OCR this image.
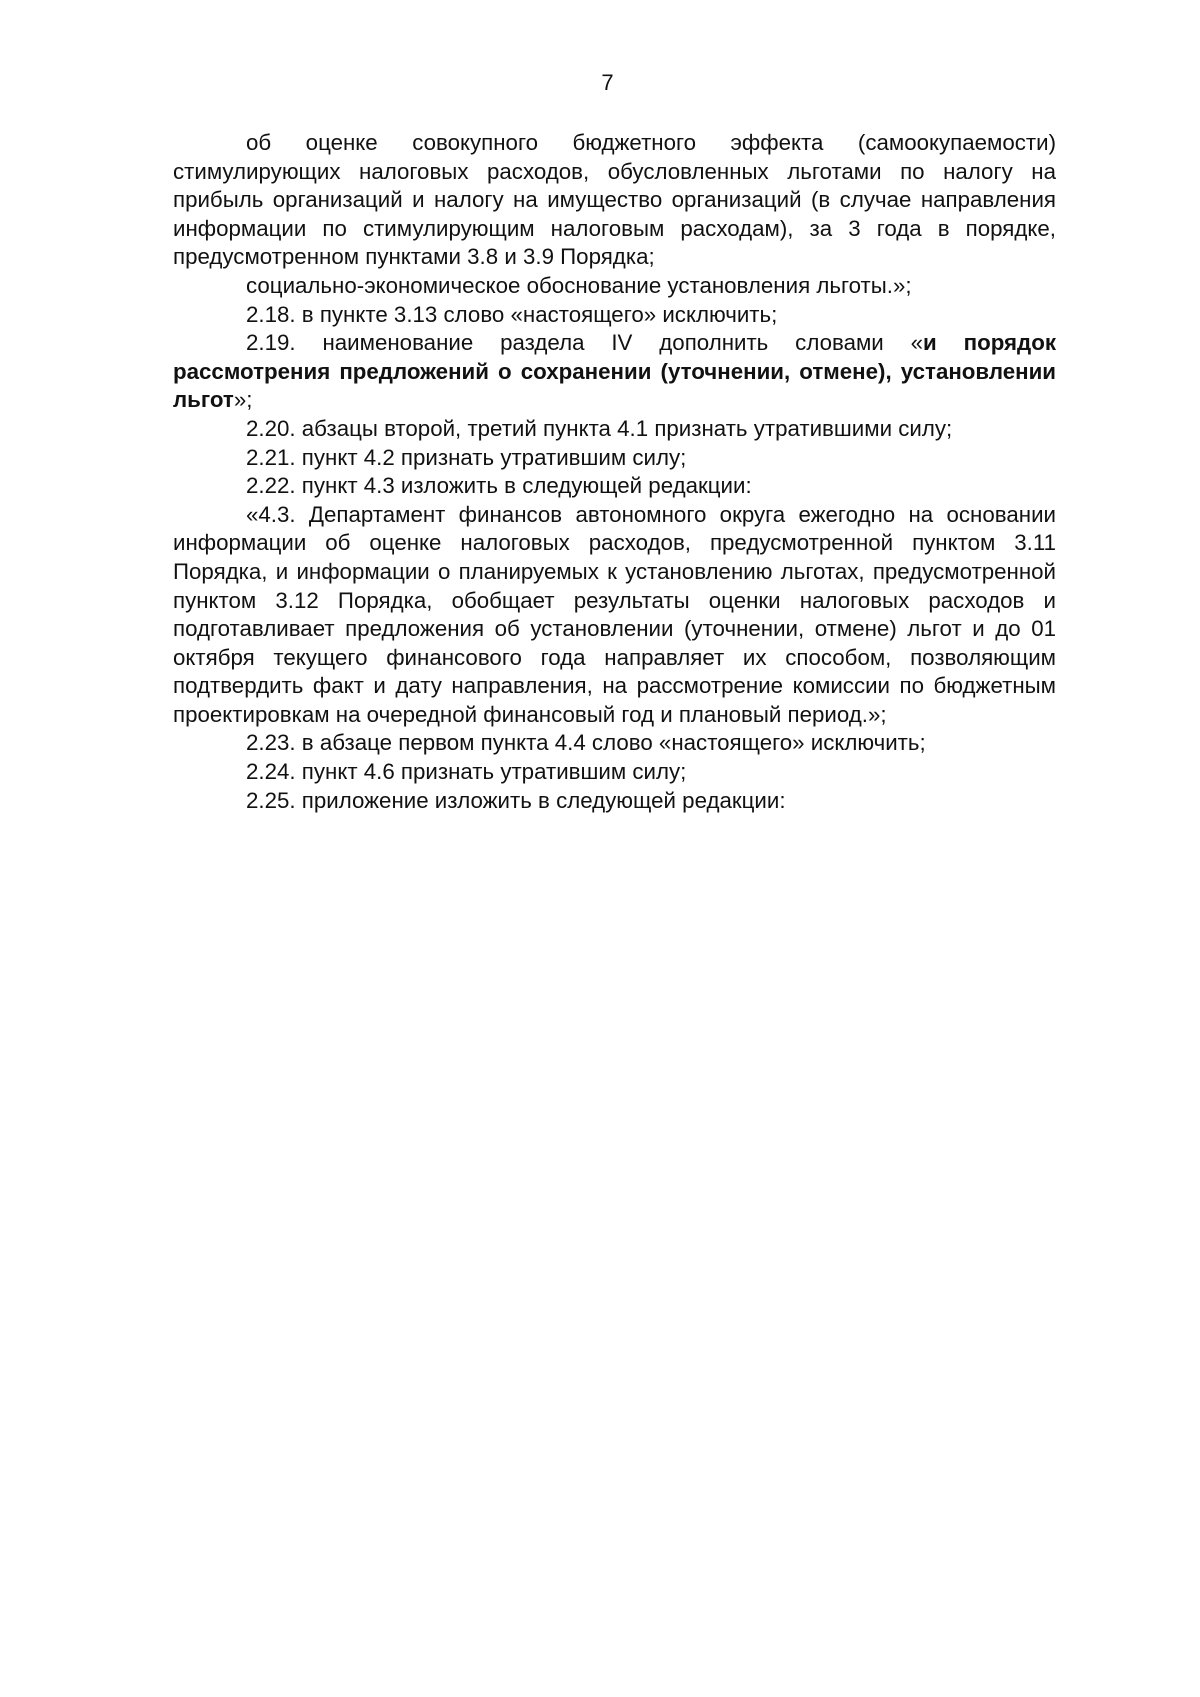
7

об оценке совокупного бюджетного эффекта (самоокупаемости) стимулирующих налоговых расходов, обусловленных льготами по налогу на прибыль организаций и налогу на имущество организаций (в случае направления информации по стимулирующим налоговым расходам), за 3 года в порядке, предусмотренном пунктами 3.8 и 3.9 Порядка;

социально-экономическое обоснование установления льготы.»;

2.18. в пункте 3.13 слово «настоящего» исключить;

2.19. наименование раздела IV дополнить словами «и порядок рассмотрения предложений о сохранении (уточнении, отмене), установлении льгот»;

2.20. абзацы второй, третий пункта 4.1 признать утратившими силу;

2.21. пункт 4.2 признать утратившим силу;

2.22. пункт 4.3 изложить в следующей редакции:

«4.3. Департамент финансов автономного округа ежегодно на основании информации об оценке налоговых расходов, предусмотренной пунктом 3.11 Порядка, и информации о планируемых к установлению льготах, предусмотренной пунктом 3.12 Порядка, обобщает результаты оценки налоговых расходов и подготавливает предложения об установлении (уточнении, отмене) льгот и до 01 октября текущего финансового года направляет их способом, позволяющим подтвердить факт и дату направления, на рассмотрение комиссии по бюджетным проектировкам на очередной финансовый год и плановый период.»;

2.23. в абзаце первом пункта 4.4 слово «настоящего» исключить;

2.24. пункт 4.6 признать утратившим силу;

2.25. приложение изложить в следующей редакции:
